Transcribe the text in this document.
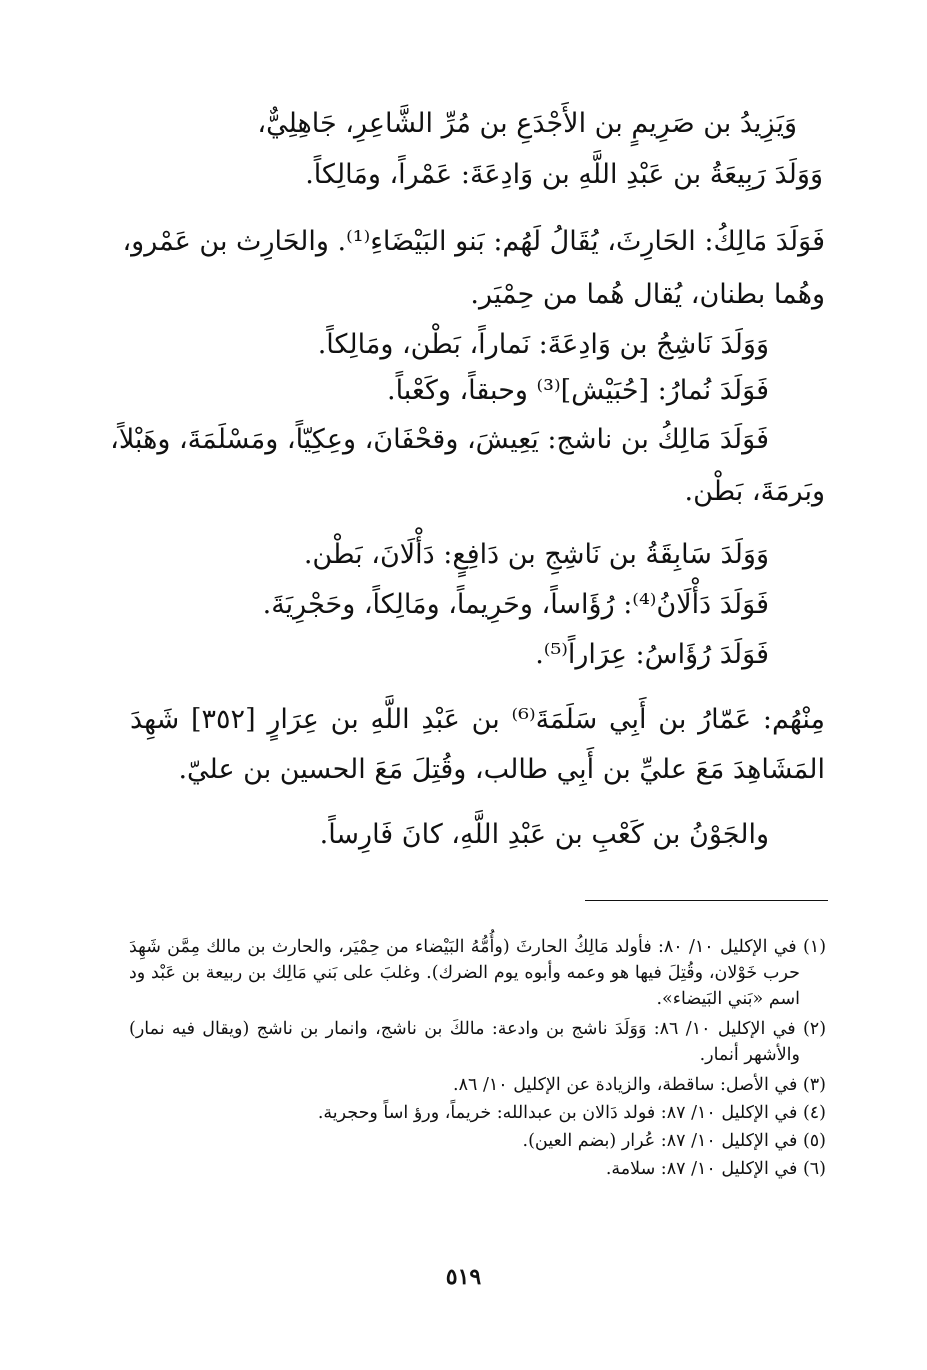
وَيَزِيدُ بن صَرِيمٍ بن الأَجْدَعِ بن مُرِّ الشَّاعِرِ، جَاهِلِيٌّ،
وَوَلَدَ رَبِيعَةُ بن عَبْدِ اللَّهِ بن وَادِعَةَ: عَمْراً، ومَالِكاً.
فَوَلَدَ مَالِكُ: الحَارِثَ، يُقَالُ لَهُم: بَنو البَيْضَاءِ⁽¹⁾. والحَارِث بن عَمْرو،
وهُما بطنان، يُقال هُما من حِمْيَر.
وَوَلَدَ نَاشِجُ بن وَادِعَةَ: نَماراً، بَطْن، ومَالِكاً.
فَوَلَدَ نُمارُ: [حُبَيْش]⁽³⁾ وحبقاً، وكَعْباً.
فَوَلَدَ مَالِكُ بن ناشج: يَعِيشَ، وقحْفَانَ، وعِكِيّاً، ومَسْلَمَةَ، وهَبْلاً،
وبَرمَةَ، بَطْن.
وَوَلَدَ سَابِقَةُ بن نَاشِجِ بن دَافِعٍ: دَأْلَانَ، بَطْن.
فَوَلَدَ دَأْلَانُ⁽⁴⁾: رُؤَاساً، وحَرِيماً، ومَالِكاً، وحَجْرِيَةَ.
فَوَلَدَ رُؤَاسُ: عِرَاراً⁽⁵⁾.
مِنْهُم: عَمّارُ بن أَبِي سَلَمَةَ⁽⁶⁾ بن عَبْدِ اللَّهِ بن عِرَارٍ [٣٥٢] شَهِدَ
المَشَاهِدَ مَعَ عليِّ بن أَبِي طالب، وقُتِلَ مَعَ الحسين بن عليّ.
والجَوْنُ بن كَعْبِ بن عَبْدِ اللَّهِ، كانَ فَارِساً.
(١) في الإكليل ١٠/ ٨٠: فأولد مَالِكُ الحارثَ (وأُمُّهُ البَيْضاء من حِمْيَر، والحارث بن مالك مِمَّن شَهِدَ
حرب خَوْلان، وقُتِلَ فيها هو وعمه وأبوه يوم الضرك). وغلبَ على بَني مَالِك بن ربيعة بن عَبْد ود
اسم «بَني البَيضاء».
(٢) في الإكليل ١٠/ ٨٦: وَوَلَدَ ناشج بن وادعة: مالكَ بن ناشج، وانمار بن ناشج (ويقال فيه نمار)
والأشهر أنمار.
(٣) في الأصل: ساقطة، والزيادة عن الإكليل ١٠/ ٨٦.
(٤) في الإكليل ١٠/ ٨٧: فولد دَالان بن عبدالله: خريماً، ورؤ اساً وحجرية.
(٥) في الإكليل ١٠/ ٨٧: عُرار (بضم العين).
(٦) في الإكليل ١٠/ ٨٧: سلامة.
٥١٩
